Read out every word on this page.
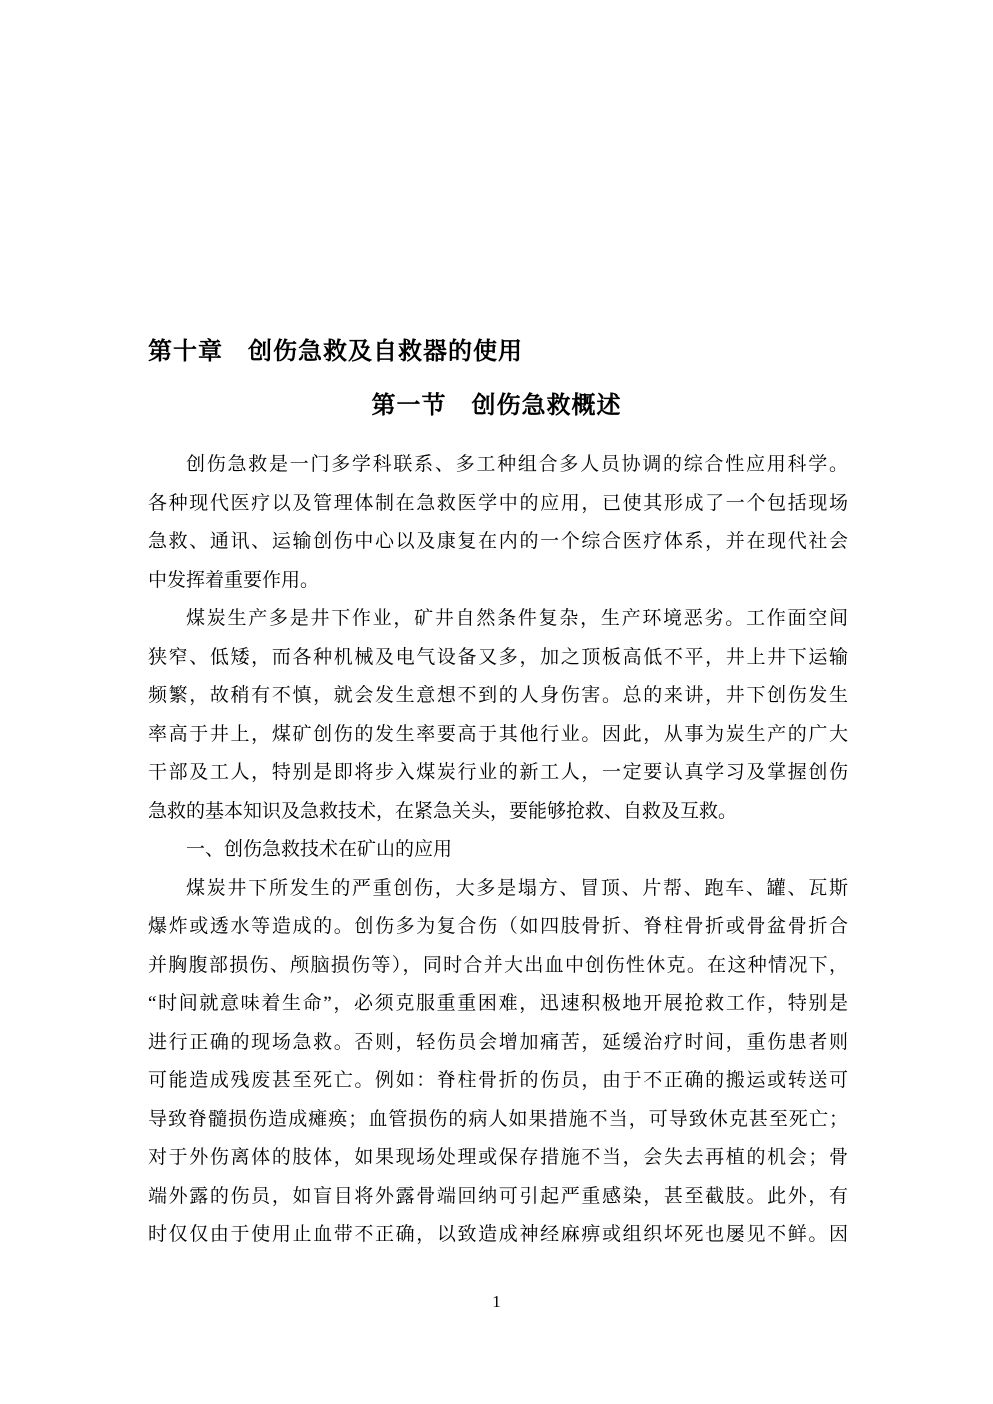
第十章　创伤急救及自救器的使用
第一节　创伤急救概述
创伤急救是一门多学科联系、多工种组合多人员协调的综合性应用科学。
各种现代医疗以及管理体制在急救医学中的应用，已使其形成了一个包括现场
急救、通讯、运输创伤中心以及康复在内的一个综合医疗体系，并在现代社会
中发挥着重要作用。
煤炭生产多是井下作业，矿井自然条件复杂，生产环境恶劣。工作面空间
狭窄、低矮，而各种机械及电气设备又多，加之顶板高低不平，井上井下运输
频繁，故稍有不慎，就会发生意想不到的人身伤害。总的来讲，井下创伤发生
率高于井上，煤矿创伤的发生率要高于其他行业。因此，从事为炭生产的广大
干部及工人，特别是即将步入煤炭行业的新工人，一定要认真学习及掌握创伤
急救的基本知识及急救技术，在紧急关头，要能够抢救、自救及互救。
一、创伤急救技术在矿山的应用
煤炭井下所发生的严重创伤，大多是塌方、冒顶、片帮、跑车、罐、瓦斯
爆炸或透水等造成的。创伤多为复合伤（如四肢骨折、脊柱骨折或骨盆骨折合
并胸腹部损伤、颅脑损伤等），同时合并大出血中创伤性休克。在这种情况下，
“时间就意味着生命”，必须克服重重困难，迅速积极地开展抢救工作，特别是
进行正确的现场急救。否则，轻伤员会增加痛苦，延缓治疗时间，重伤患者则
可能造成残废甚至死亡。例如：脊柱骨折的伤员，由于不正确的搬运或转送可
导致脊髓损伤造成瘫痪；血管损伤的病人如果措施不当，可导致休克甚至死亡；
对于外伤离体的肢体，如果现场处理或保存措施不当，会失去再植的机会；骨
端外露的伤员，如盲目将外露骨端回纳可引起严重感染，甚至截肢。此外，有
时仅仅由于使用止血带不正确，以致造成神经麻痹或组织坏死也屡见不鲜。因
1
